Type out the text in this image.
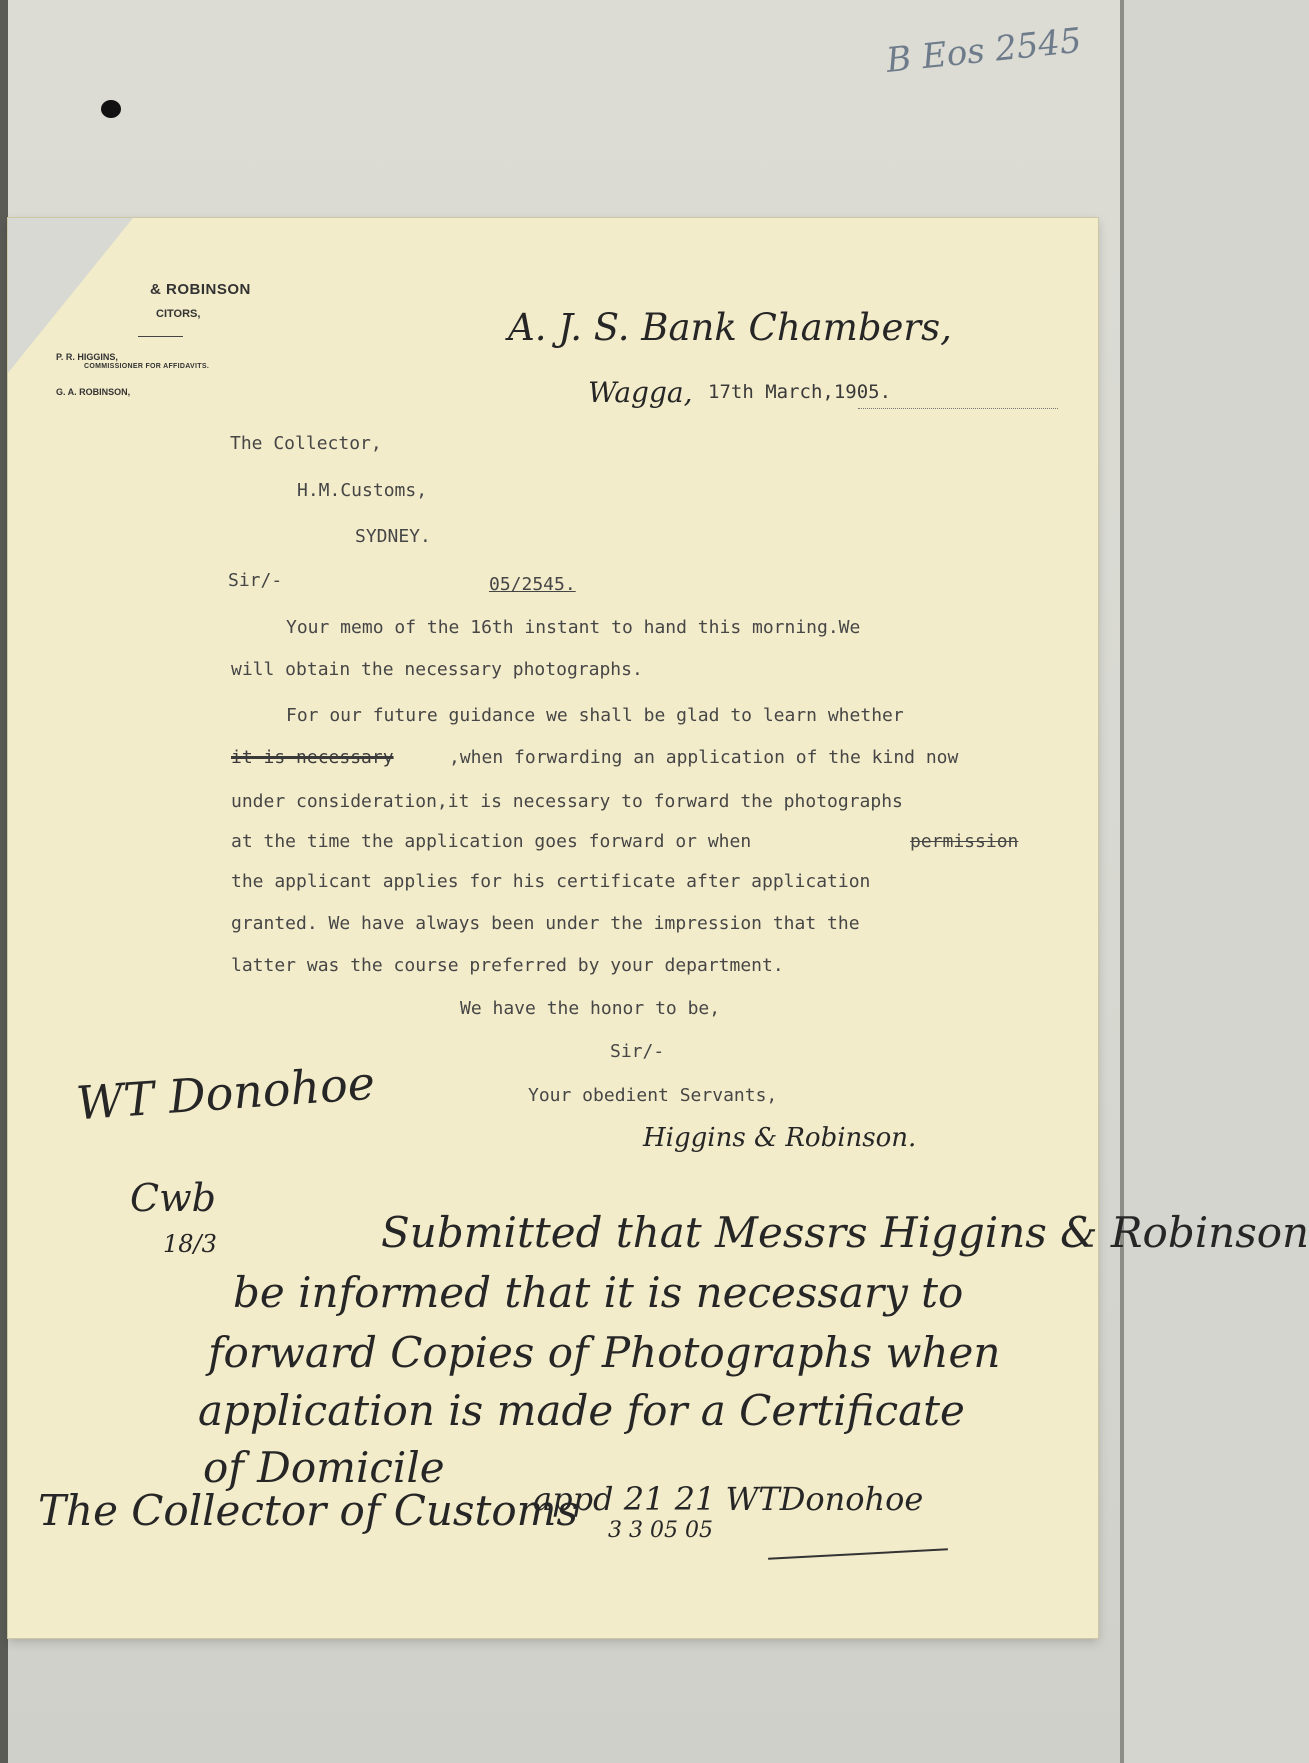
B Eos 2545
& ROBINSON
CITORS,
P. R. HIGGINS,
COMMISSIONER FOR AFFIDAVITS.
G. A. ROBINSON,
A. J. S. Bank Chambers,
Wagga, 17th March,1905.
The Collector,
H.M.Customs,
SYDNEY.
Sir/-	05/2545.
Your memo of the 16th instant to hand this morning.We
will obtain the necessary photographs.
For our future guidance we shall be glad to learn whether
it is necessary	,when forwarding an application of the kind now
under consideration,it is necessary to forward the photographs
at the time the application goes forward or when	permission
the applicant applies for his certificate after application
granted. We have always been under the impression that the
latter was the course preferred by your department.
We have the honor to be,
Sir/-
Your obedient Servants,
Higgins & Robinson.
WT Donohoe
Cwb
18/3	Submitted that Messrs Higgins & Robinson
be informed that it is necessary to
forward Copies of Photographs when
application is made for a Certificate
of Domicile
The Collector of Customs
appd 21 21 WTDonohoe
3 3 05 05
